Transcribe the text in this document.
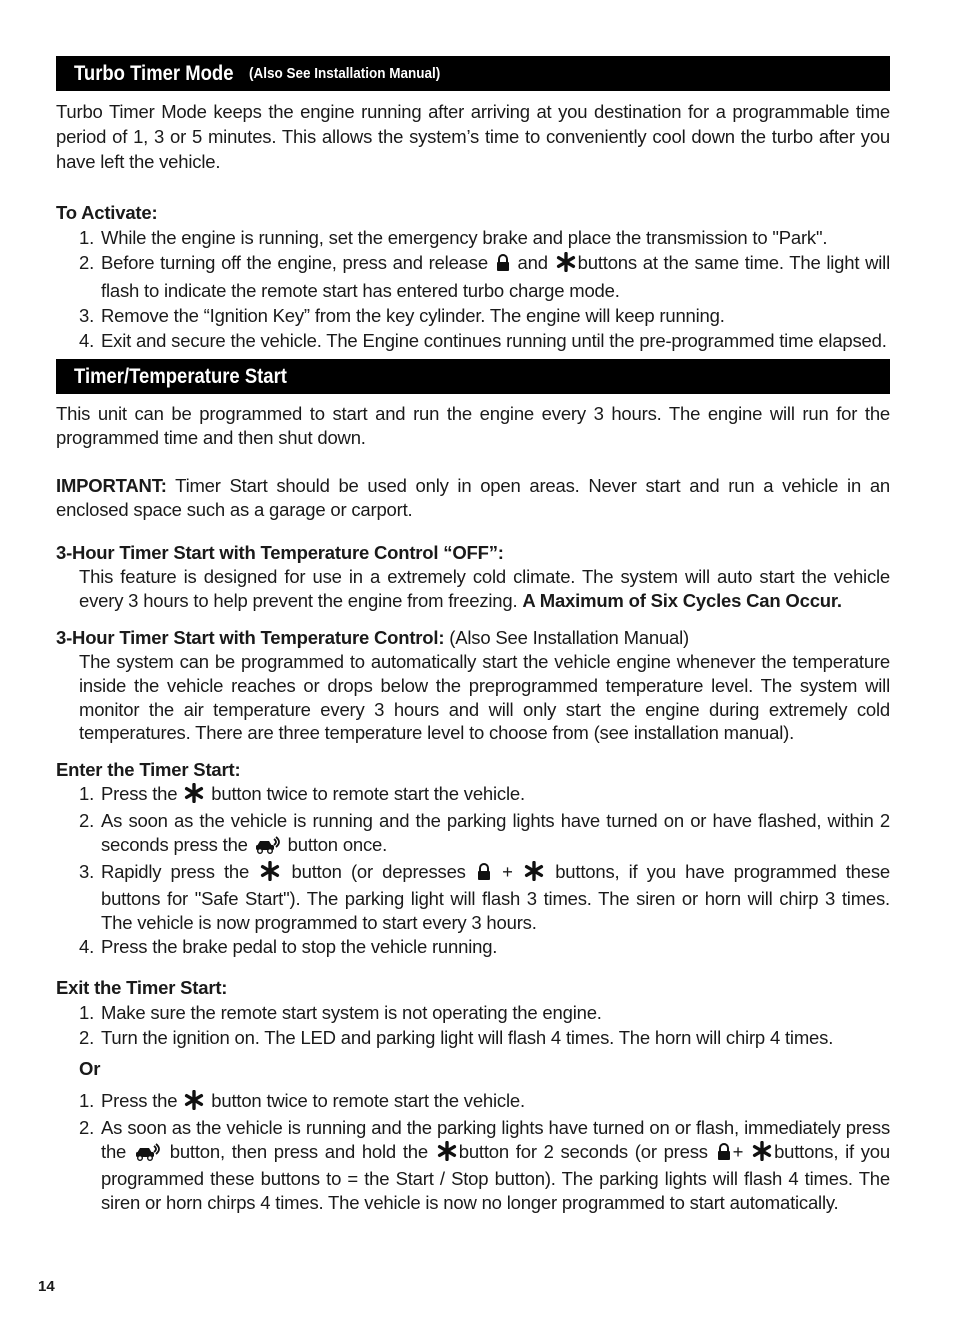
Turbo Timer Mode (Also See Installation Manual)

Turbo Timer Mode keeps the engine running after arriving at you destination for a programmable time period of 1, 3 or 5 minutes. This allows the system’s time to conveniently cool down the turbo after you have left the vehicle.

To Activate:

1. While the engine is running, set the emergency brake and place the transmission to "Park".
2. Before turning off the engine, press and release and buttons at the same time. The light will flash to indicate the remote start has entered turbo charge mode.
3. Remove the “Ignition Key” from the key cylinder. The engine will keep running.
4. Exit and secure the vehicle. The Engine continues running until the pre-programmed time elapsed.
Timer/Temperature Start

This unit can be programmed to start and run the engine every 3 hours. The engine will run for the programmed time and then shut down.

IMPORTANT: Timer Start should be used only in open areas. Never start and run a vehicle in an enclosed space such as a garage or carport.

3-Hour Timer Start with Temperature Control “OFF”:

This feature is designed for use in a extremely cold climate. The system will auto start the vehicle every 3 hours to help prevent the engine from freezing. A Maximum of Six Cycles Can Occur.

3-Hour Timer Start with Temperature Control: (Also See Installation Manual)

The system can be programmed to automatically start the vehicle engine whenever the temperature inside the vehicle reaches or drops below the preprogrammed temperature level. The system will monitor the air temperature every 3 hours and will only start the engine during extremely cold temperatures. There are three temperature level to choose from (see installation manual).

Enter the Timer Start:

1. Press the button twice to remote start the vehicle.
2. As soon as the vehicle is running and the parking lights have turned on or have flashed, within 2 seconds press the button once.
3. Rapidly press the button (or depresses + buttons, if you have programmed these buttons for "Safe Start"). The parking light will flash 3 times. The siren or horn will chirp 3 times. The vehicle is now programmed to start every 3 hours.
4. Press the brake pedal to stop the vehicle running.

Exit the Timer Start:

1. Make sure the remote start system is not operating the engine.
2. Turn the ignition on. The LED and parking light will flash 4 times. The horn will chirp 4 times.

Or

1. Press the button twice to remote start the vehicle.
2. As soon as the vehicle is running and the parking lights have turned on or flash, immediately press the button, then press and hold the button for 2 seconds (or press + buttons, if you programmed these buttons to = the Start / Stop button). The parking lights will flash 4 times. The siren or horn chirps 4 times. The vehicle is now no longer programmed to start automatically.
14
